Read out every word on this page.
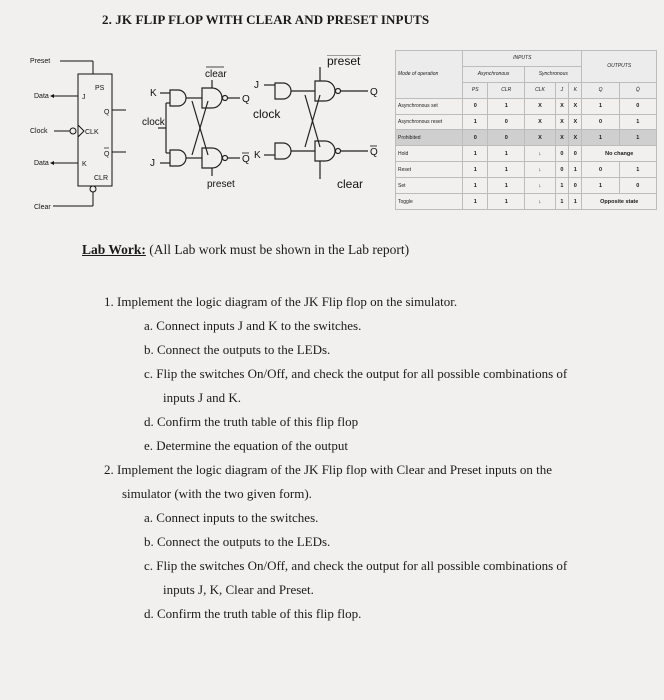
2. JK FLIP FLOP WITH CLEAR AND PRESET INPUTS
Preset
Data
Clock
Data
Clear
PS
J
CLK
K
CLR
Q
Q
clear
clock
preset
K
J
Q
Q
preset
J
clock
K
Q
Q
clear
Mode of operation	INPUTS					OUTPUTS	
	Asynchronous		Synchronous				
	PS	CLR	CLK	J	K	Q	Q̄
Asynchronous set	0	1	X	X	X	1	0
Asynchronous reset	1	0	X	X	X	0	1
Prohibited	0	0	X	X	X	1	1
Hold	1	1	↓	0	0	No change	
Reset	1	1	↓	0	1	0	1
Set	1	1	↓	1	0	1	0
Toggle	1	1	↓	1	1	Opposite state	
Lab Work: (All Lab work must be shown in the Lab report)
1. Implement the logic diagram of the JK Flip flop on the simulator.
a. Connect inputs J and K to the switches.
b. Connect the outputs to the LEDs.
c. Flip the switches On/Off, and check the output for all possible combinations of
inputs J and K.
d. Confirm the truth table of this flip flop
e. Determine the equation of the output
2. Implement the logic diagram of the JK Flip flop with Clear and Preset inputs on the
simulator (with the two given form).
a. Connect inputs to the switches.
b. Connect the outputs to the LEDs.
c. Flip the switches On/Off, and check the output for all possible combinations of
inputs J, K, Clear and Preset.
d. Confirm the truth table of this flip flop.
